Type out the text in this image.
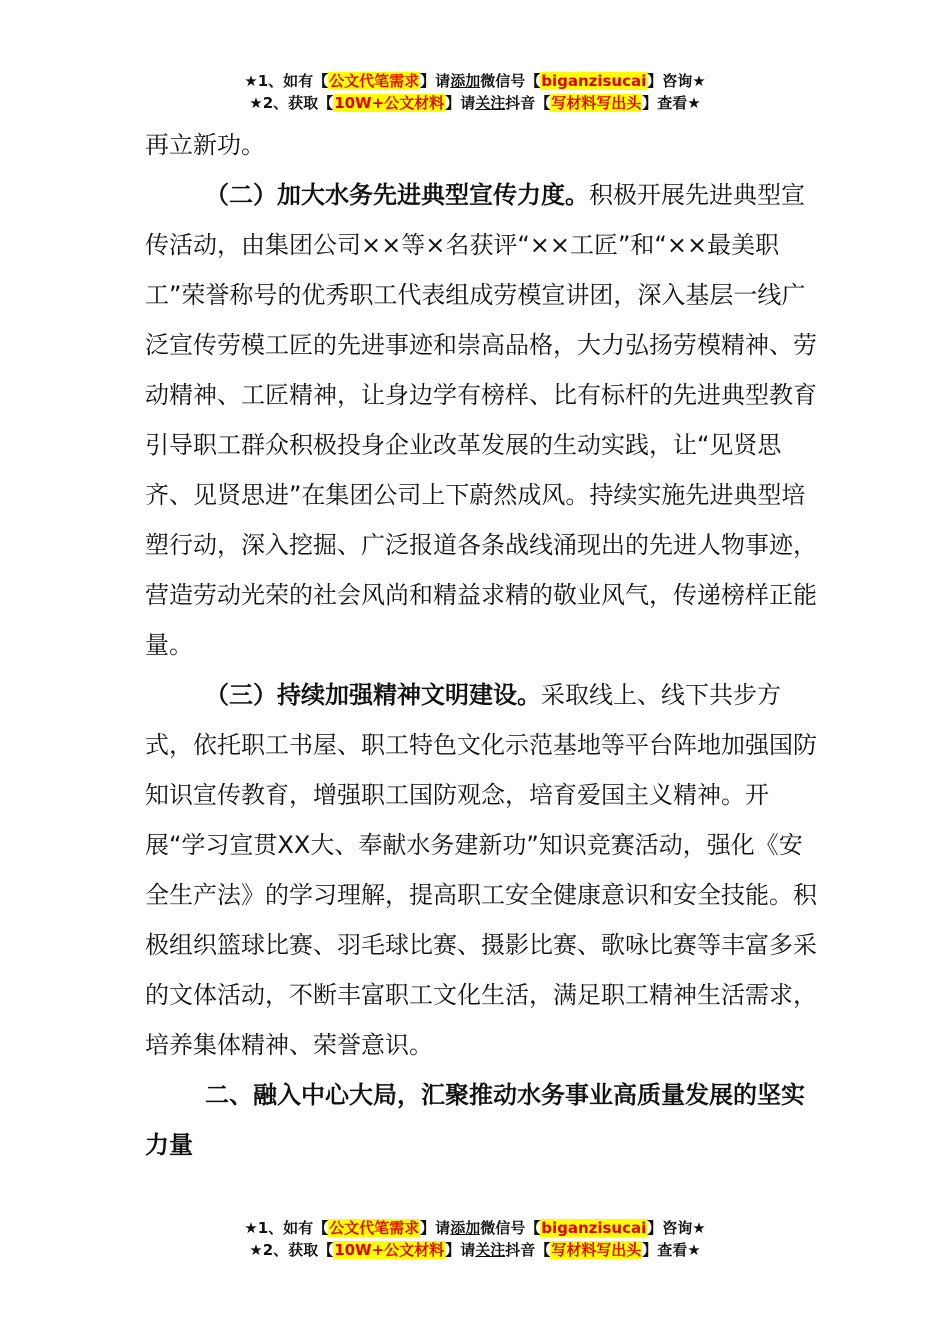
★1、如有【公文代笔需求】请添加微信号【biganzisucai】咨询★
★2、获取【10W+公文材料】请关注抖音【写材料写出头】查看★

再立新功。

（二）加大水务先进典型宣传力度。积极开展先进典型宣传活动，由集团公司××等×名获评“××工匠”和“××最美职工”荣誉称号的优秀职工代表组成劳模宣讲团，深入基层一线广泛宣传劳模工匠的先进事迹和崇高品格，大力弘扬劳模精神、劳动精神、工匠精神，让身边学有榜样、比有标杆的先进典型教育引导职工群众积极投身企业改革发展的生动实践，让“见贤思齐、见贤思进”在集团公司上下蔚然成风。持续实施先进典型培塑行动，深入挖掘、广泛报道各条战线涌现出的先进人物事迹，营造劳动光荣的社会风尚和精益求精的敬业风气，传递榜样正能量。

（三）持续加强精神文明建设。采取线上、线下共步方式，依托职工书屋、职工特色文化示范基地等平台阵地加强国防知识宣传教育，增强职工国防观念，培育爱国主义精神。开展“学习宣贯XX大、奉献水务建新功”知识竞赛活动，强化《安全生产法》的学习理解，提高职工安全健康意识和安全技能。积极组织篮球比赛、羽毛球比赛、摄影比赛、歌咏比赛等丰富多采的文体活动，不断丰富职工文化生活，满足职工精神生活需求，培养集体精神、荣誉意识。

二、融入中心大局，汇聚推动水务事业高质量发展的坚实力量

★1、如有【公文代笔需求】请添加微信号【biganzisucai】咨询★
★2、获取【10W+公文材料】请关注抖音【写材料写出头】查看★
